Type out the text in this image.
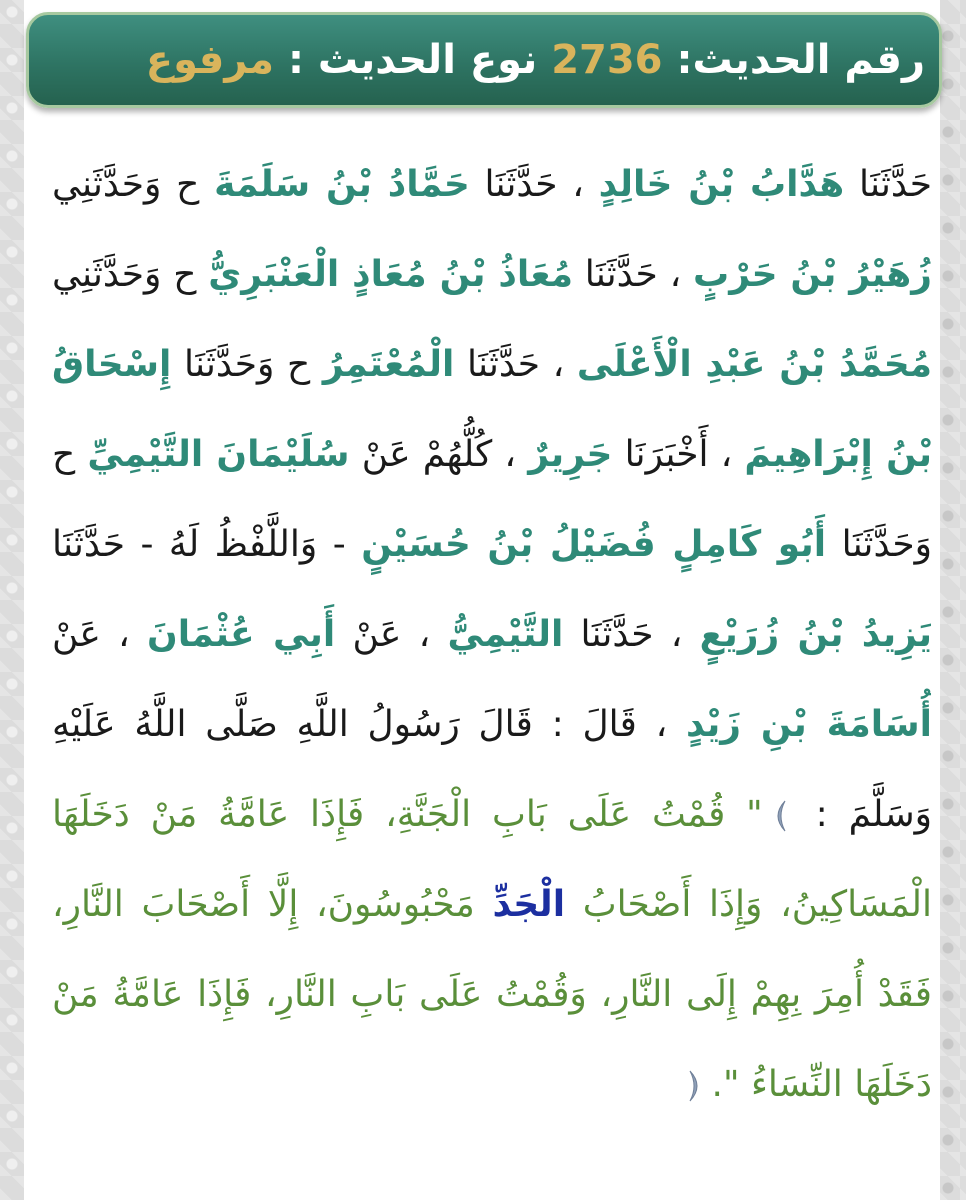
رقم الحديث: 2736 نوع الحديث : مرفوع
حَدَّثَنَا هَدَّابُ بْنُ خَالِدٍ ، حَدَّثَنَا حَمَّادُ بْنُ سَلَمَةَ ح وَحَدَّثَنِي زُهَيْرُ بْنُ حَرْبٍ ، حَدَّثَنَا مُعَاذُ بْنُ مُعَاذٍ الْعَنْبَرِيُّ ح وَحَدَّثَنِي مُحَمَّدُ بْنُ عَبْدِ الْأَعْلَى ، حَدَّثَنَا الْمُعْتَمِرُ ح وَحَدَّثَنَا إِسْحَاقُ بْنُ إِبْرَاهِيمَ ، أَخْبَرَنَا جَرِيرٌ ، كُلُّهُمْ عَنْ سُلَيْمَانَ التَّيْمِيِّ ح وَحَدَّثَنَا أَبُو كَامِلٍ فُضَيْلُ بْنُ حُسَيْنٍ - وَاللَّفْظُ لَهُ - حَدَّثَنَا يَزِيدُ بْنُ زُرَيْعٍ ، حَدَّثَنَا التَّيْمِيُّ ، عَنْ أَبِي عُثْمَانَ ، عَنْ أُسَامَةَ بْنِ زَيْدٍ ، قَالَ : قَالَ رَسُولُ اللَّهِ صَلَّى اللَّهُ عَلَيْهِ وَسَلَّمَ : " قُمْتُ عَلَى بَابِ الْجَنَّةِ، فَإِذَا عَامَّةُ مَنْ دَخَلَهَا الْمَسَاكِينُ، وَإِذَا أَصْحَابُ الْجَدِّ مَحْبُوسُونَ، إِلَّا أَصْحَابَ النَّارِ، فَقَدْ أُمِرَ بِهِمْ إِلَى النَّارِ، وَقُمْتُ عَلَى بَابِ النَّارِ، فَإِذَا عَامَّةُ مَنْ دَخَلَهَا النِّسَاءُ ".
